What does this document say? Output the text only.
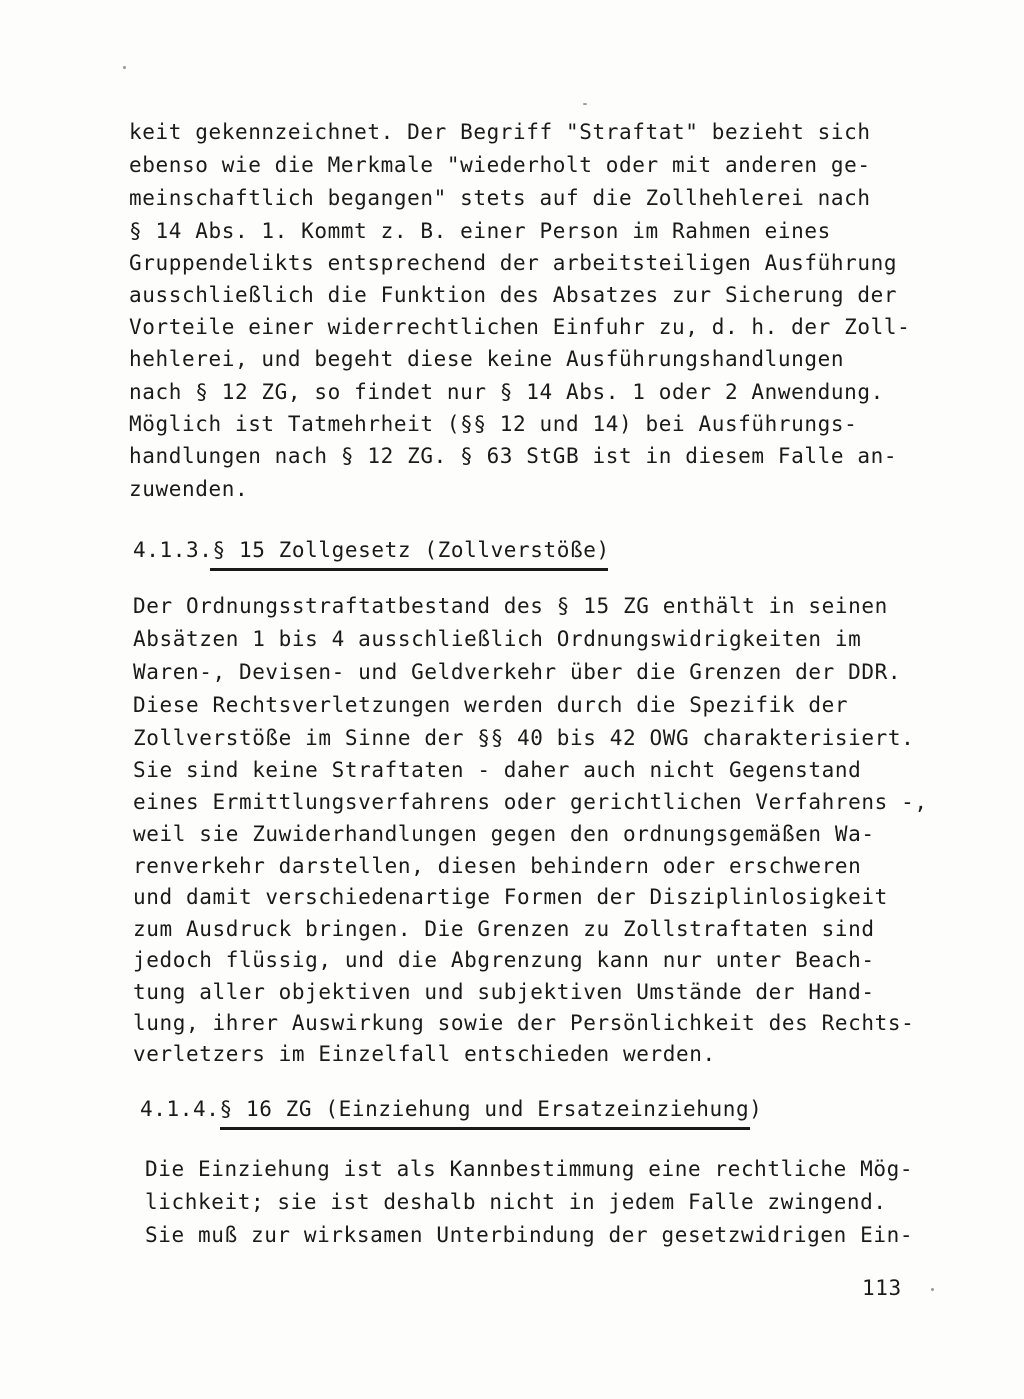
keit gekennzeichnet. Der Begriff "Straftat" bezieht sich
ebenso wie die Merkmale "wiederholt oder mit anderen ge-
meinschaftlich begangen" stets auf die Zollhehlerei nach
§ 14 Abs. 1. Kommt z. B. einer Person im Rahmen eines
Gruppendelikts entsprechend der arbeitsteiligen Ausführung
ausschließlich die Funktion des Absatzes zur Sicherung der
Vorteile einer widerrechtlichen Einfuhr zu, d. h. der Zoll-
hehlerei, und begeht diese keine Ausführungshandlungen
nach § 12 ZG, so findet nur § 14 Abs. 1 oder 2 Anwendung.
Möglich ist Tatmehrheit (§§ 12 und 14) bei Ausführungs-
handlungen nach § 12 ZG. § 63 StGB ist in diesem Falle an-
zuwenden.
4.1.3.§ 15 Zollgesetz (Zollverstöße)
Der Ordnungsstraftatbestand des § 15 ZG enthält in seinen
Absätzen 1 bis 4 ausschließlich Ordnungswidrigkeiten im
Waren-, Devisen- und Geldverkehr über die Grenzen der DDR.
Diese Rechtsverletzungen werden durch die Spezifik der
Zollverstöße im Sinne der §§ 40 bis 42 OWG charakterisiert.
Sie sind keine Straftaten - daher auch nicht Gegenstand
eines Ermittlungsverfahrens oder gerichtlichen Verfahrens -,
weil sie Zuwiderhandlungen gegen den ordnungsgemäßen Wa-
renverkehr darstellen, diesen behindern oder erschweren
und damit verschiedenartige Formen der Disziplinlosigkeit
zum Ausdruck bringen. Die Grenzen zu Zollstraftaten sind
jedoch flüssig, und die Abgrenzung kann nur unter Beach-
tung aller objektiven und subjektiven Umstände der Hand-
lung, ihrer Auswirkung sowie der Persönlichkeit des Rechts-
verletzers im Einzelfall entschieden werden.
4.1.4.§ 16 ZG (Einziehung und Ersatzeinziehung)
Die Einziehung ist als Kannbestimmung eine rechtliche Mög-
lichkeit; sie ist deshalb nicht in jedem Falle zwingend.
Sie muß zur wirksamen Unterbindung der gesetzwidrigen Ein-
113
